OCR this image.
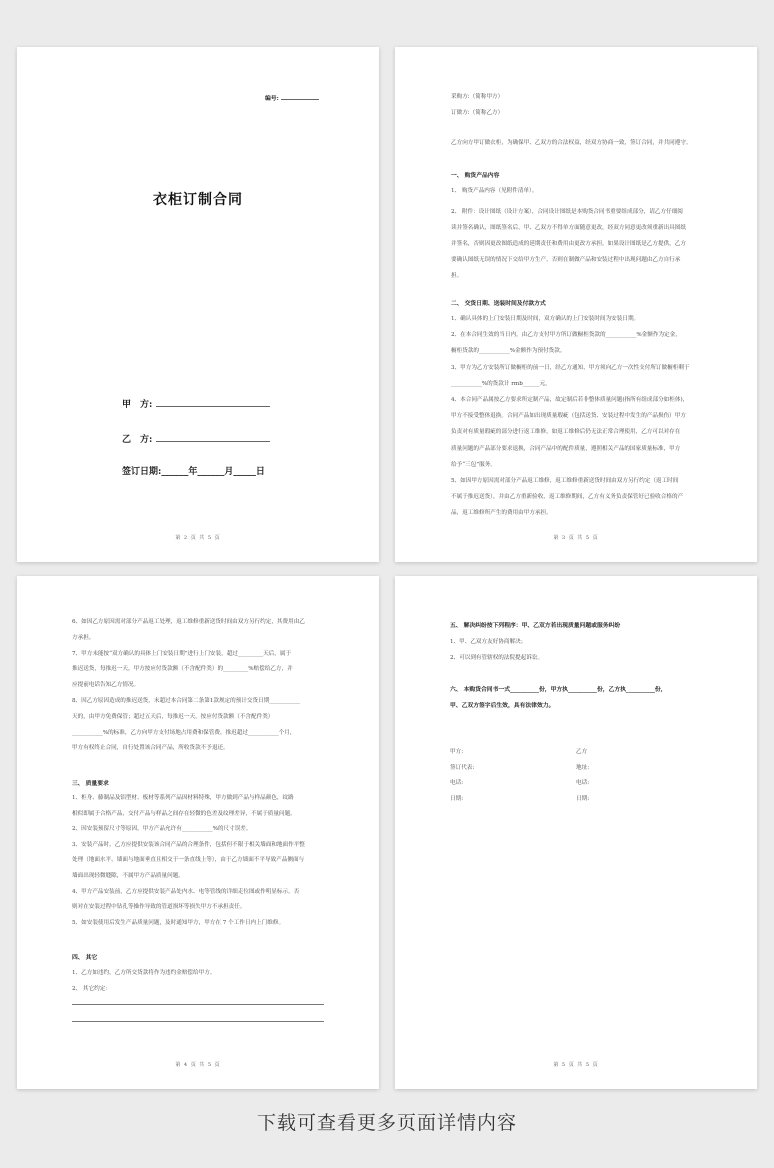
编号:
衣柜订制合同
甲　方:
乙　方:
签订日期:______年______月_____日
第 2 页 共 5 页
采购方:（简称甲方）
订做方:（简称乙方）
乙方向方甲订做衣柜，为确保甲、乙双方的合法权益，经双方协商一致，签订合同，并共同遵守。
一、 购货产品内容
1、 购货产品内容（见附件清单）。
2、 附件：设计图纸（设计方案），合同设计图纸是本购货合同书重要组成部分，请乙方仔细阅
读并签名确认，图纸签名后，甲、乙双方不得单方面随意更改，经双方同意更改须重新出具图纸
并签名，否则因更改图纸造成的延期责任和费用由更改方承担。如果设计图纸是乙方提供，乙方
要确认图纸无误的情况下交给甲方生产，否则在制做产品和安装过程中出现问题由乙方自行承
担。
二、 交货日期、送装时间及付款方式
1、确认具体的上门安装日期及时间，双方确认的上门安装时间为安装日期。
2、在本合同生效的当日内，由乙方支付甲方所订做橱柜货款的___________%金额作为定金，
橱柜货款的___________%金额作为预付货款。
3、甲方为乙方安装所订做橱柜的前一日，经乙方通知，甲方须向乙方一次性支付所订做橱柜剩于
___________%的货款计 rmb______元。
4、本合同产品属按乙方要求所定制产品，故定制后若非整体质量问题(指所有组成部分如柜体)，
甲方不接受整体退换。合同产品如出现质量瑕疵（包括送货、安装过程中发生的产品损伤）甲方
负责对有质量瑕疵的部分进行返工维修，如返工维修后仍无法正常合理使用，乙方可以对存在
质量问题的产品部分要求退换，合同产品中的配件质量，遵照相关产品的国家质量标准，甲方
给予“三包”服务。
5、如因甲方原因需对部分产品返工维修，返工维修重新送货时间由双方另行约定（返工时间
不属于推迟送货），并由乙方重新验收，返工维修期间，乙方有义务负责保管好已验收合格的产
品，返工维修所产生的费用由甲方承担。
第 3 页 共 5 页
6、如因乙方原因需对部分产品返工处理，返工维修重新送货时间由双方另行约定，其费用由乙
方承担。
7、甲方未能按“双方确认的具体上门安装日期”进行上门安装，超过_________天后，属于
推迟送货，每推迟一天，甲方按应付货款额（不含配件类）的_________%赔偿给乙方，并
应提前电话告知乙方情况。
8、因乙方原因造成的推迟送货，未超过本合同第二条第1款规定的预计交货日期___________
天的，由甲方免费保管；超过五天后，每推迟一天，按应付货款额（不含配件类）
___________%的标准，乙方向甲方支付场地占用费和保管费，推迟超过___________个月，
甲方有权终止合同，自行处置该合同产品，所收货款不予退还。
三、 质量要求
1、柜身、藤制品及铝型材、板材等系列产品因材料特殊，甲方做到产品与样品颜色，纹路
相似即属于合格产品，交付产品与样品之间存在轻微的色差及纹理差异，不属于质量问题。
2、因安装预留尺寸等原因，甲方产品允许有___________%的尺寸误差。
3、安装产品时，乙方应提供安装该合同产品的合理条件，包括但不限于相关墙面和地面作平整
处理（地面水平、墙面与地面垂直且相交于一条直线上等），由于乙方墙面不平导致产品侧面与
墙面出现轻微缝隙，不属甲方产品质量问题。
4、甲方产品安装前，乙方应提供安装产品处内水、电等管线的详细走位图或作明显标示，否
则对在安装过程中钻孔等操作导致的管道损坏等损失甲方不承担责任。
5、如安装使用后发生产品质量问题，及时通知甲方，甲方在 7 个工作日内上门维修。
四、 其它
1、乙方如违约，乙方所交货款将作为违约金赔偿给甲方。
2、 其它约定：
第 4 页 共 5 页
五、 解决纠纷按下列程序：甲、乙双方若出现质量问题或服务纠纷
1、甲、乙双方友好协商解决；
2、可以到有管辖权的法院提起诉讼。
六、 本购货合同书一式__________份，甲方执__________份，乙方执__________份，
甲、乙双方签字后生效，具有法律效力。
甲方:
签订代表:
电话:
日期:
乙方
地址:
电话:
日期:
第 5 页 共 5 页
下载可查看更多页面详情内容
